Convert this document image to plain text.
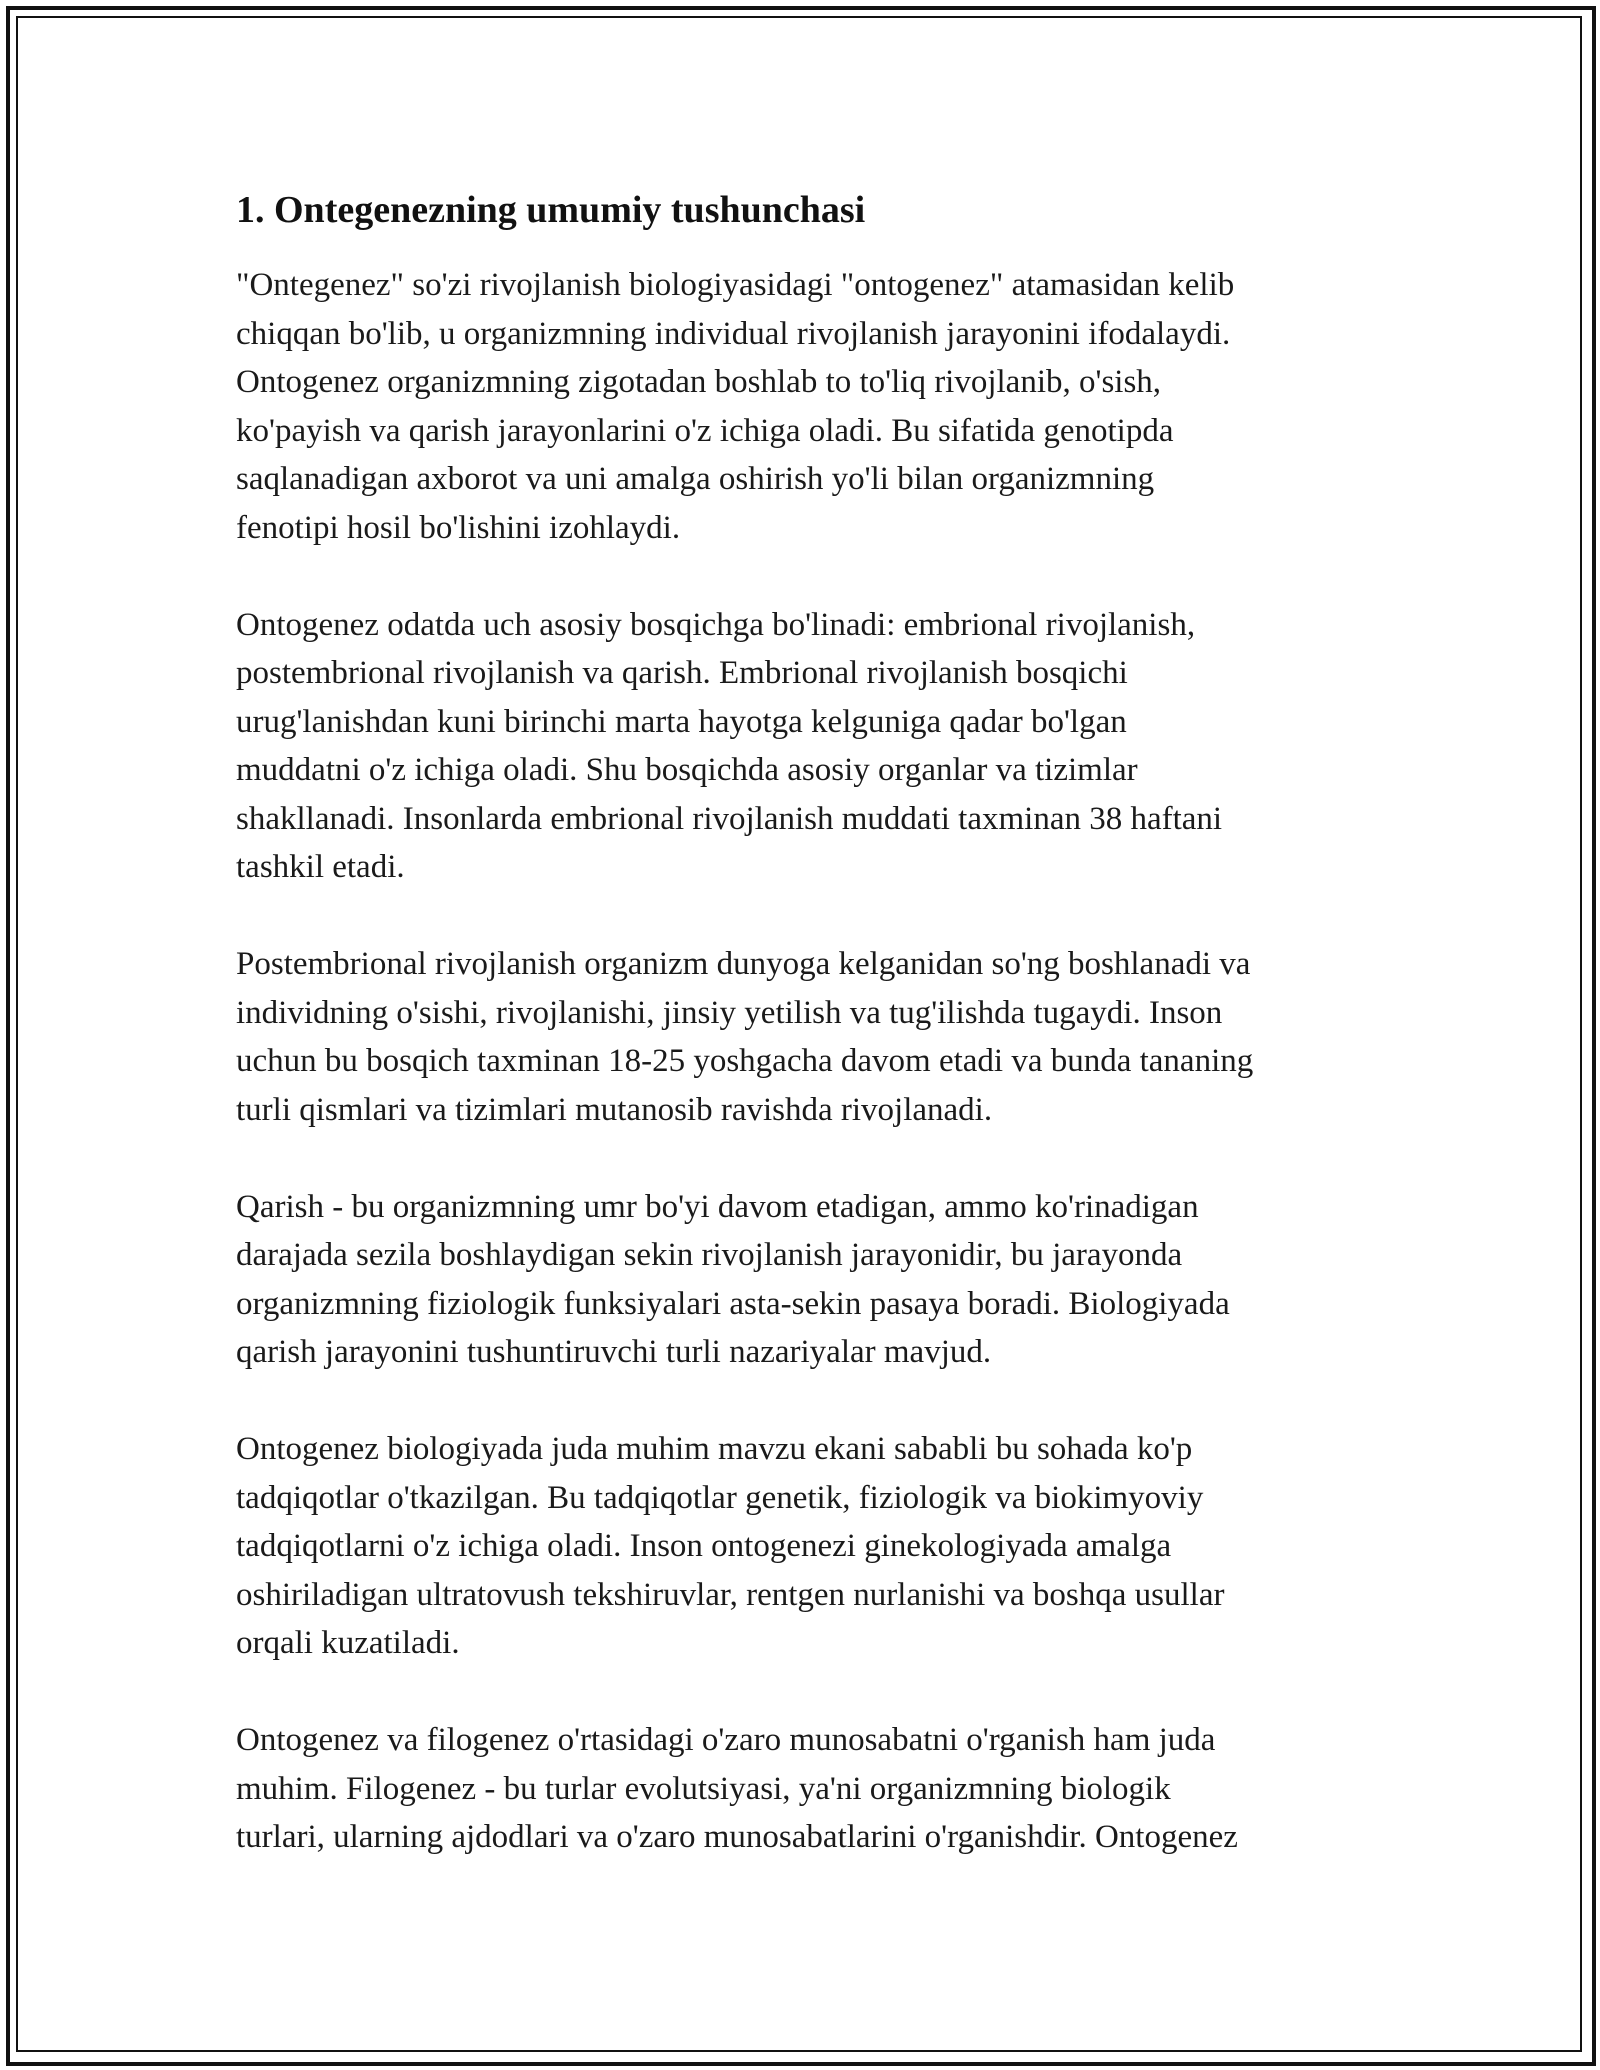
1. Ontegenezning umumiy tushunchasi

"Ontegenez" so'zi rivojlanish biologiyasidagi "ontogenez" atamasidan kelib
chiqqan bo'lib, u organizmning individual rivojlanish jarayonini ifodalaydi.
Ontogenez organizmning zigotadan boshlab to to'liq rivojlanib, o'sish,
ko'payish va qarish jarayonlarini o'z ichiga oladi. Bu sifatida genotipda
saqlanadigan axborot va uni amalga oshirish yo'li bilan organizmning
fenotipi hosil bo'lishini izohlaydi.

Ontogenez odatda uch asosiy bosqichga bo'linadi: embrional rivojlanish,
postembrional rivojlanish va qarish. Embrional rivojlanish bosqichi
urug'lanishdan kuni birinchi marta hayotga kelguniga qadar bo'lgan
muddatni o'z ichiga oladi. Shu bosqichda asosiy organlar va tizimlar
shakllanadi. Insonlarda embrional rivojlanish muddati taxminan 38 haftani
tashkil etadi.

Postembrional rivojlanish organizm dunyoga kelganidan so'ng boshlanadi va
individning o'sishi, rivojlanishi, jinsiy yetilish va tug'ilishda tugaydi. Inson
uchun bu bosqich taxminan 18-25 yoshgacha davom etadi va bunda tananing
turli qismlari va tizimlari mutanosib ravishda rivojlanadi.

Qarish - bu organizmning umr bo'yi davom etadigan, ammo ko'rinadigan
darajada sezila boshlaydigan sekin rivojlanish jarayonidir, bu jarayonda
organizmning fiziologik funksiyalari asta-sekin pasaya boradi. Biologiyada
qarish jarayonini tushuntiruvchi turli nazariyalar mavjud.

Ontogenez biologiyada juda muhim mavzu ekani sababli bu sohada ko'p
tadqiqotlar o'tkazilgan. Bu tadqiqotlar genetik, fiziologik va biokimyoviy
tadqiqotlarni o'z ichiga oladi. Inson ontogenezi ginekologiyada amalga
oshiriladigan ultratovush tekshiruvlar, rentgen nurlanishi va boshqa usullar
orqali kuzatiladi.

Ontogenez va filogenez o'rtasidagi o'zaro munosabatni o'rganish ham juda
muhim. Filogenez - bu turlar evolutsiyasi, ya'ni organizmning biologik
turlari, ularning ajdodlari va o'zaro munosabatlarini o'rganishdir. Ontogenez
